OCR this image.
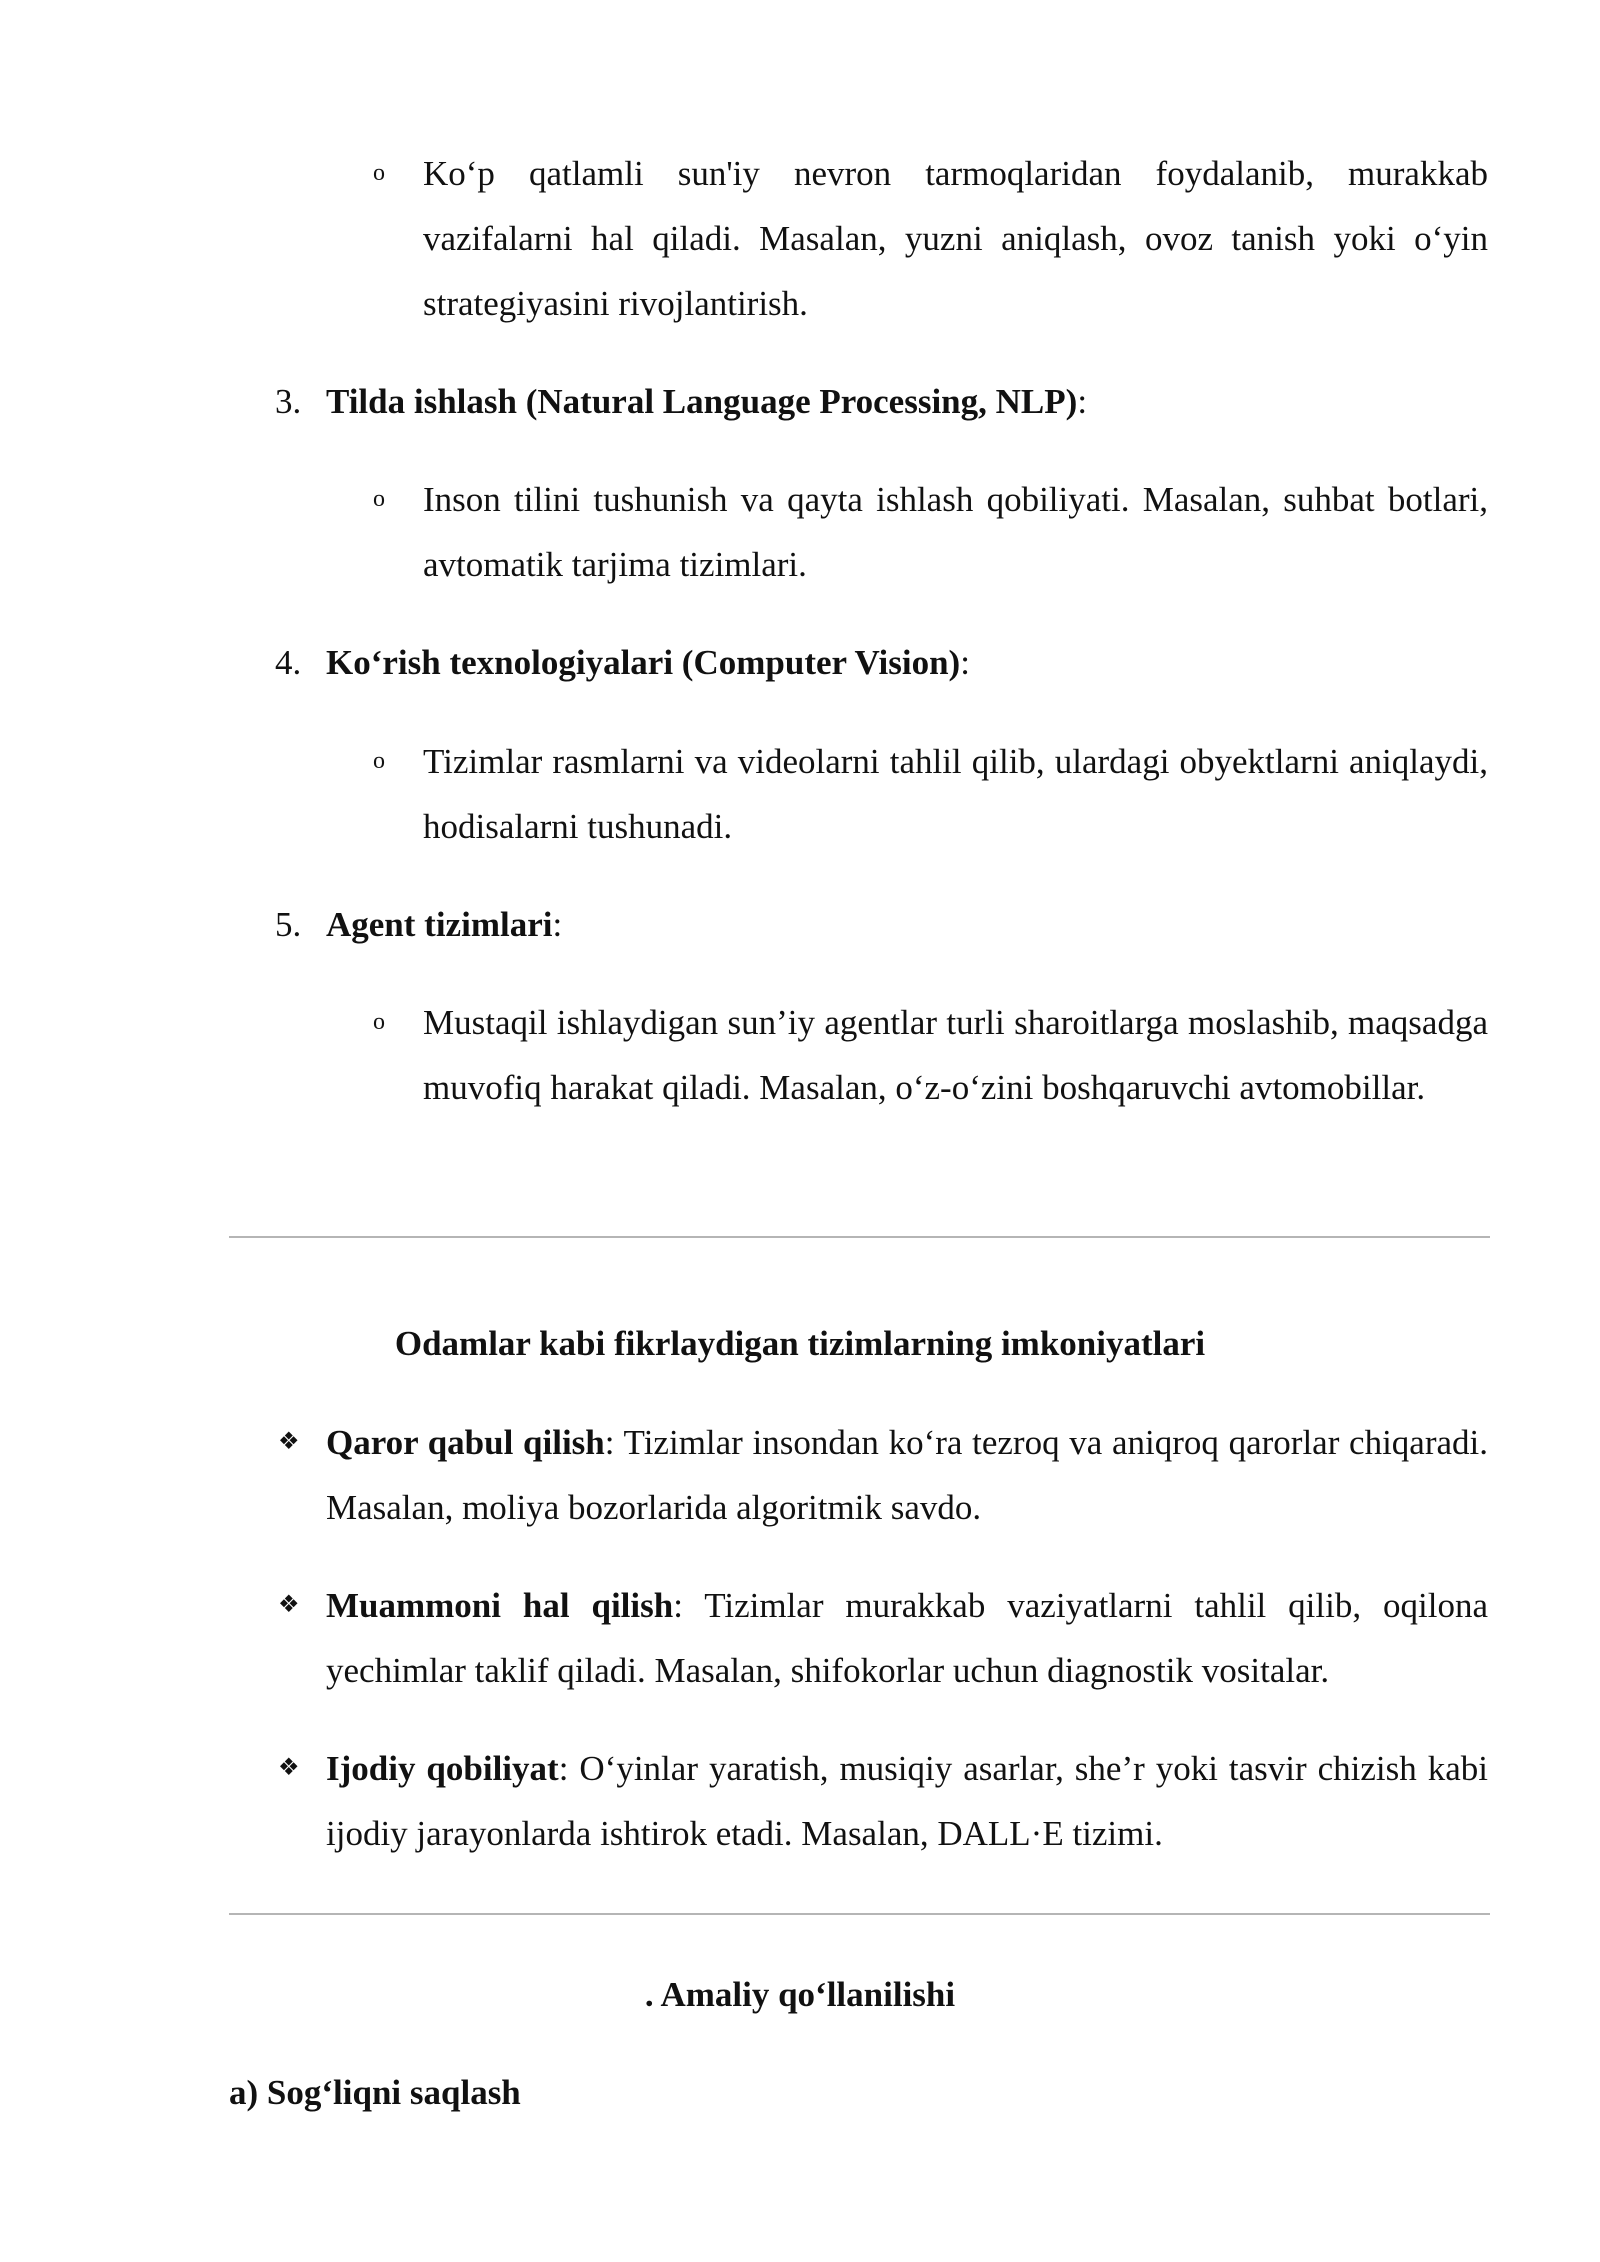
o Ko‘p qatlamli sun'iy nevron tarmoqlaridan foydalanib, murakkab vazifalarni hal qiladi. Masalan, yuzni aniqlash, ovoz tanish yoki o‘yin strategiyasini rivojlantirish.
3. Tilda ishlash (Natural Language Processing, NLP):
o Inson tilini tushunish va qayta ishlash qobiliyati. Masalan, suhbat botlari, avtomatik tarjima tizimlari.
4. Ko‘rish texnologiyalari (Computer Vision):
o Tizimlar rasmlarni va videolarni tahlil qilib, ulardagi obyektlarni aniqlaydi, hodisalarni tushunadi.
5. Agent tizimlari:
o Mustaqil ishlaydigan sun’iy agentlar turli sharoitlarga moslashib, maqsadga muvofiq harakat qiladi. Masalan, o‘z-o‘zini boshqaruvchi avtomobillar.
Odamlar kabi fikrlaydigan tizimlarning imkoniyatlari
❖ Qaror qabul qilish: Tizimlar insondan ko‘ra tezroq va aniqroq qarorlar chiqaradi. Masalan, moliya bozorlarida algoritmik savdo.
❖ Muammoni hal qilish: Tizimlar murakkab vaziyatlarni tahlil qilib, oqilona yechimlar taklif qiladi. Masalan, shifokorlar uchun diagnostik vositalar.
❖ Ijodiy qobiliyat: O‘yinlar yaratish, musiqiy asarlar, she’r yoki tasvir chizish kabi ijodiy jarayonlarda ishtirok etadi. Masalan, DALL·E tizimi.
. Amaliy qo‘llanilishi
a) Sog‘liqni saqlash
